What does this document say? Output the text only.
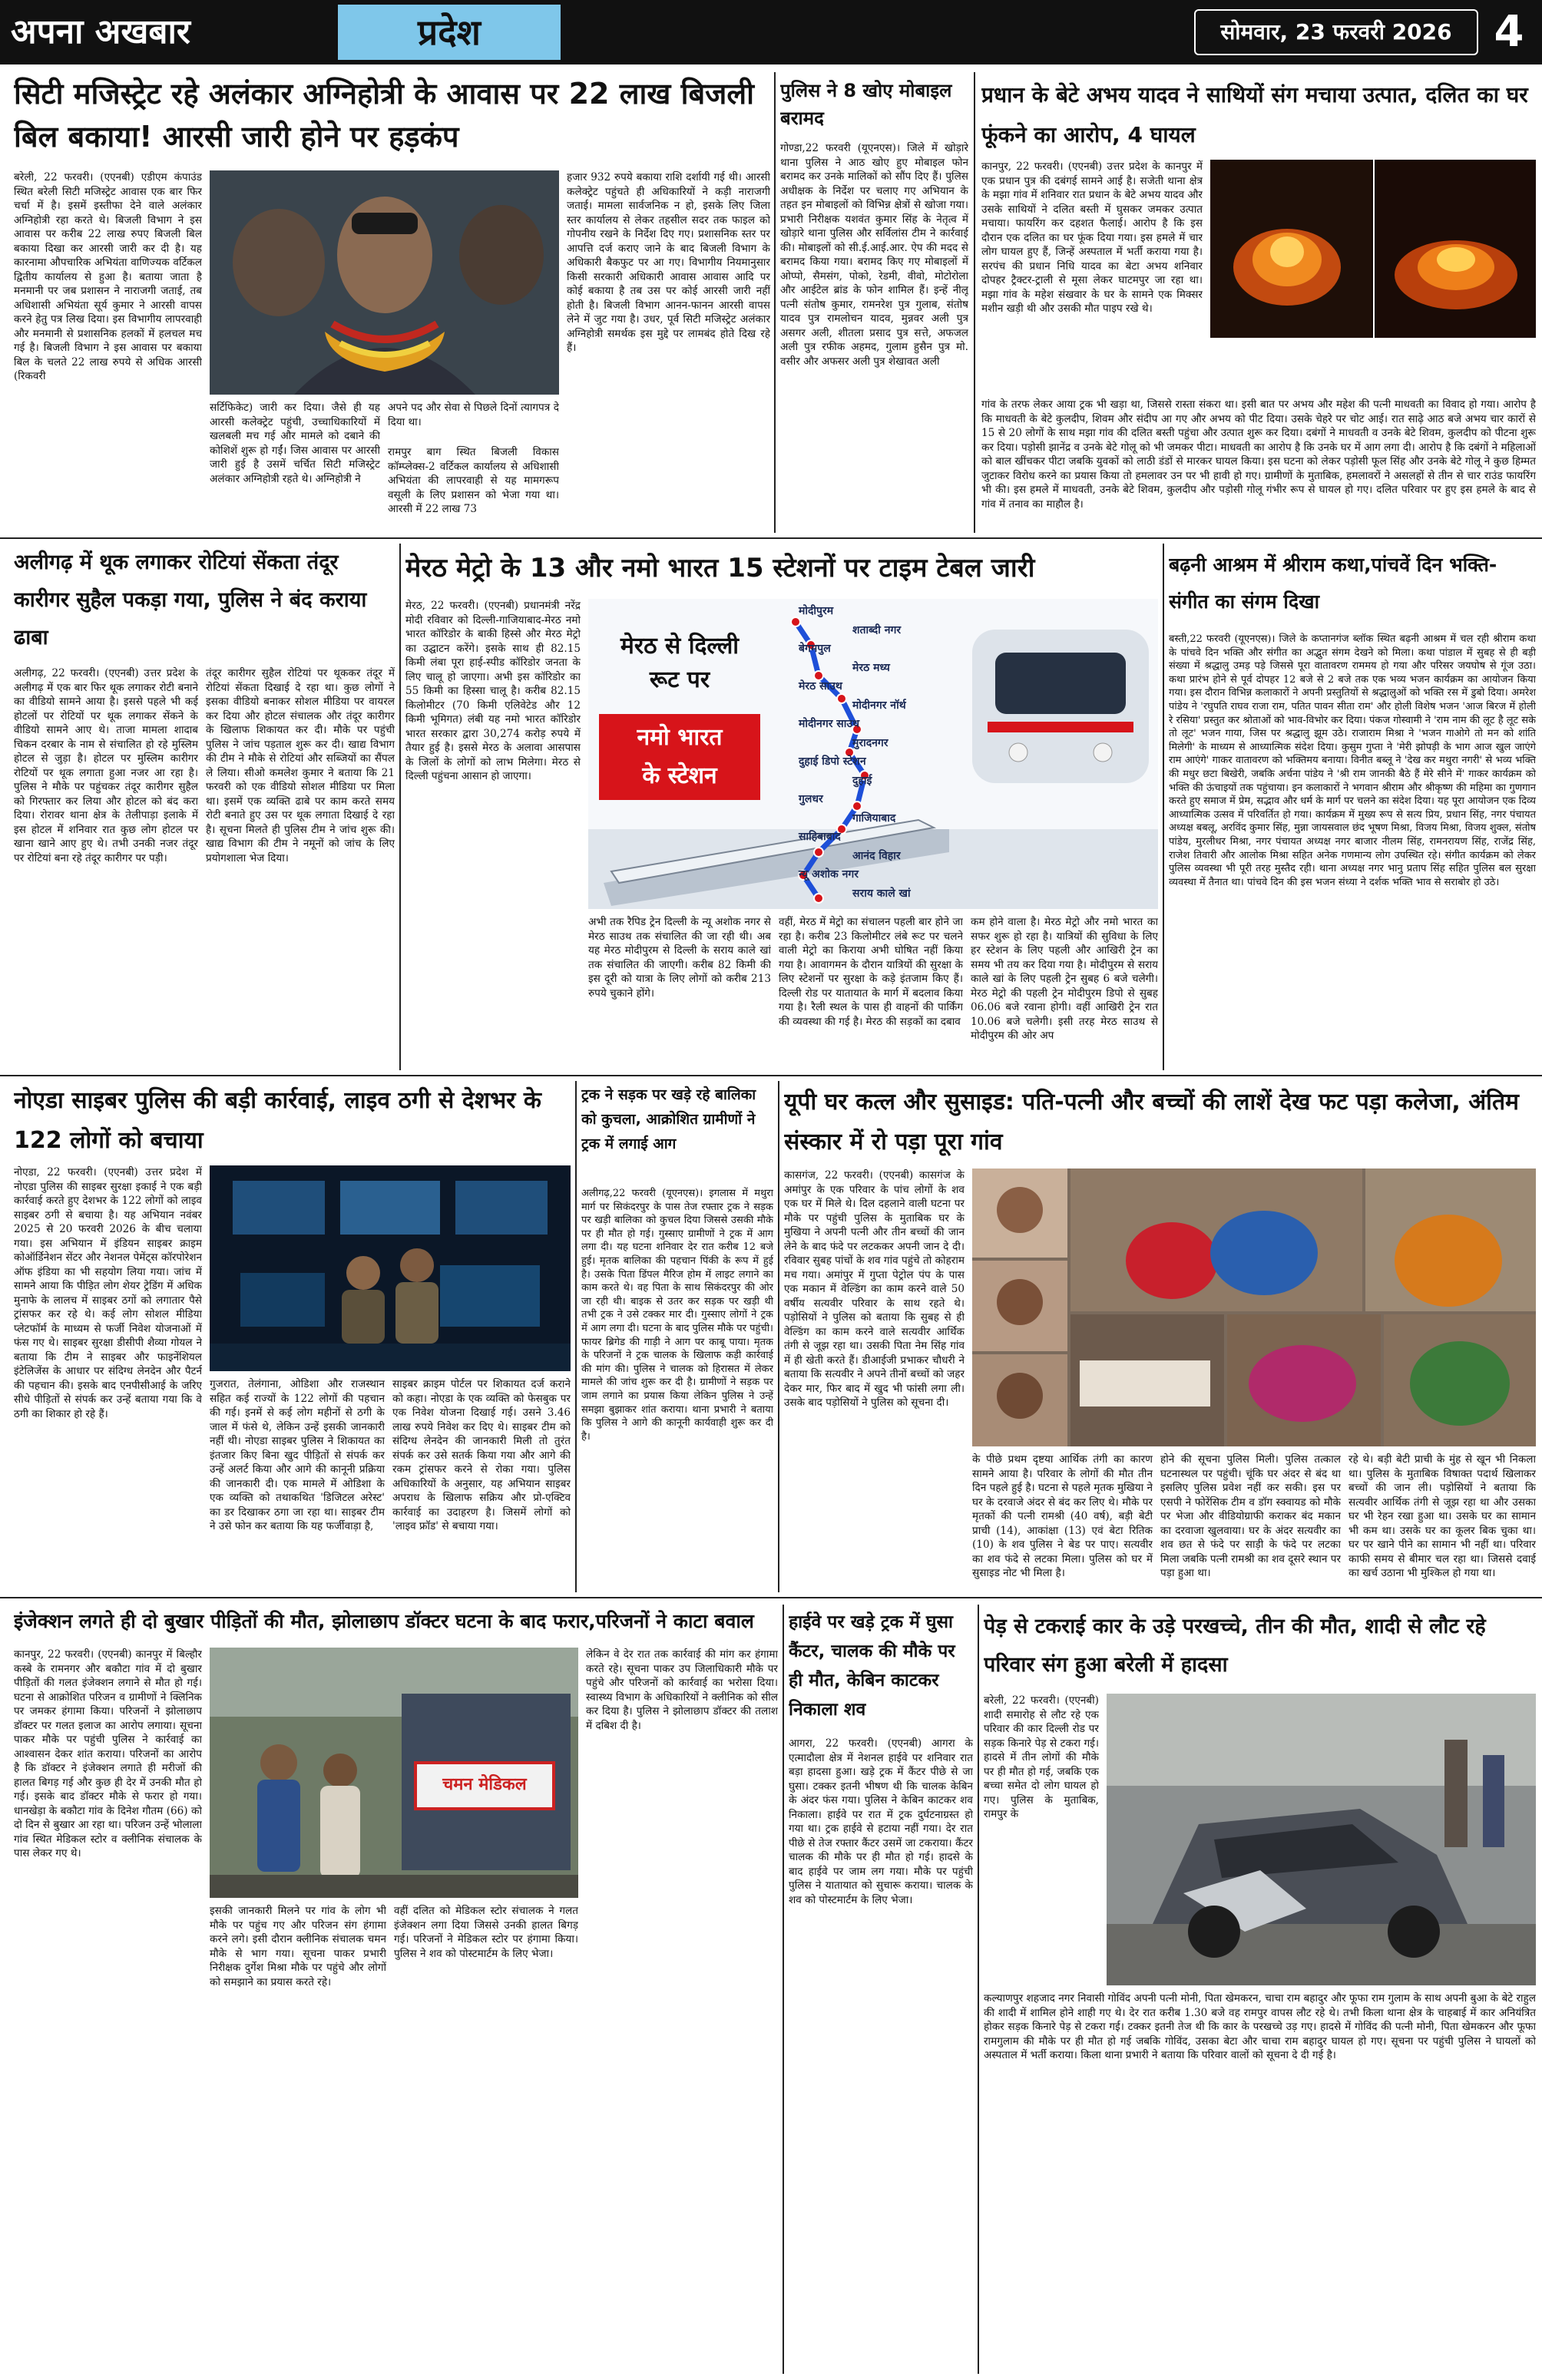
अपना अखबार	प्रदेश	सोमवार, 23 फरवरी 2026 4
सिटी मजिस्ट्रेट रहे अलंकार अग्निहोत्री के आवास पर 22 लाख बिजली बिल बकाया! आरसी जारी होने पर हड़कंप
बरेली, 22 फरवरी। (एएनबी) एडीएम कंपाउंड स्थित बरेली सिटी मजिस्ट्रेट आवास एक बार फिर चर्चा में है। इसमें इस्तीफा देने वाले अलंकार अग्निहोत्री रहा करते थे। बिजली विभाग ने इस आवास पर करीब 22 लाख रुपए बिजली बिल बकाया दिखा कर आरसी जारी कर दी है। यह कारनामा औपचारिक अभियंता वाणिज्यक वर्टिकल द्वितीय कार्यालय से हुआ है। बताया जाता है मनमानी पर जब प्रशासन ने नाराजगी जताई, तब अधिशासी अभियंता सूर्य कुमार ने आरसी वापस करने हेतु पत्र लिख दिया। इस विभागीय लापरवाही और मनमानी से प्रशासनिक हलकों में हलचल मच गई है। बिजली विभाग ने इस आवास पर बकाया बिल के चलते 22 लाख रुपये से अधिक आरसी (रिकवरी
सर्टिफिकेट) जारी कर दिया। जैसे ही यह आरसी कलेक्ट्रेट पहुंची, उच्चाधिकारियों में खलबली मच गई और मामले को दबाने की कोशिशें शुरू हो गईं। जिस आवास पर आरसी जारी हुई है उसमें चर्चित सिटी मजिस्ट्रेट अलंकार अग्निहोत्री रहते थे। अग्निहोत्री ने
अपने पद और सेवा से पिछले दिनों त्यागपत्र दे दिया था।
रामपुर बाग स्थित बिजली विकास कॉम्प्लेक्स-2 वर्टिकल कार्यालय से अधिशासी अभियंता की लापरवाही से यह मामगरूप वसूली के लिए प्रशासन को भेजा गया था। आरसी में 22 लाख 73
हजार 932 रुपये बकाया राशि दर्शायी गई थी। आरसी कलेक्ट्रेट पहुंचते ही अधिकारियों ने कड़ी नाराजगी जताई। मामला सार्वजनिक न हो, इसके लिए जिला स्तर कार्यालय से लेकर तहसील सदर तक फाइल को गोपनीय रखने के निर्देश दिए गए। प्रशासनिक स्तर पर आपत्ति दर्ज कराए जाने के बाद बिजली विभाग के अधिकारी बैकफुट पर आ गए। विभागीय नियमानुसार किसी सरकारी अधिकारी आवास आवास आदि पर कोई बकाया है तब उस पर कोई आरसी जारी नहीं होती है। बिजली विभाग आनन-फानन आरसी वापस लेने में जुट गया है। उधर, पूर्व सिटी मजिस्ट्रेट अलंकार अग्निहोत्री समर्थक इस मुद्दे पर लामबंद होते दिख रहे हैं।
पुलिस ने 8 खोए मोबाइल बरामद
गोण्डा,22 फरवरी (यूएनएस)। जिले में खोड़ारे थाना पुलिस ने आठ खोए हुए मोबाइल फोन बरामद कर उनके मालिकों को सौंप दिए हैं। पुलिस अधीक्षक के निर्देश पर चलाए गए अभियान के तहत इन मोबाइलों को विभिन्न क्षेत्रों से खोजा गया। प्रभारी निरीक्षक यशवंत कुमार सिंह के नेतृत्व में खोड़ारे थाना पुलिस और सर्विलांस टीम ने कार्रवाई की। मोबाइलों को सी.ई.आई.आर. ऐप की मदद से बरामद किया गया। बरामद किए गए मोबाइलों में ओप्पो, सैमसंग, पोको, रेडमी, वीवो, मोटोरोला और आईटेल ब्रांड के फोन शामिल हैं। इन्हें नीलू पत्नी संतोष कुमार, रामनरेश पुत्र गुलाब, संतोष यादव पुत्र रामलोचन यादव, मुन्नवर अली पुत्र असगर अली, शीतला प्रसाद पुत्र सत्ते, अफजल अली पुत्र रफीक अहमद, गुलाम हुसैन पुत्र मो. वसीर और अफसर अली पुत्र शेखावत अली
प्रधान के बेटे अभय यादव ने साथियों संग मचाया उत्पात, दलित का घर फूंकने का आरोप, 4 घायल
कानपुर, 22 फरवरी। (एएनबी) उत्तर प्रदेश के कानपुर में एक प्रधान पुत्र की दबंगई सामने आई है। सजेती थाना क्षेत्र के मझा गांव में शनिवार रात प्रधान के बेटे अभय यादव और उसके साथियों ने दलित बस्ती में घुसकर जमकर उत्पात मचाया। फायरिंग कर दहशत फैलाई। आरोप है कि इस दौरान एक दलित का घर फूंक दिया गया। इस हमले में चार लोग घायल हुए हैं, जिन्हें अस्पताल में भर्ती कराया गया है। सरपंच की प्रधान निधि यादव का बेटा अभय शनिवार दोपहर ट्रैक्टर-ट्राली से मूसा लेकर घाटमपुर जा रहा था। मझा गांव के महेश संखवार के घर के सामने एक मिक्सर मशीन खड़ी थी और उसकी मौत पाइप रखे थे।
गांव के तरफ लेकर आया ट्रक भी खड़ा था, जिससे रास्ता संकरा था। इसी बात पर अभय और महेश की पत्नी माधवती का विवाद हो गया। आरोप है कि माधवती के बेटे कुलदीप, शिवम और संदीप आ गए और अभय को पीट दिया। उसके चेहरे पर चोट आई। रात साढ़े आठ बजे अभय चार कारों से 15 से 20 लोगों के साथ मझा गांव की दलित बस्ती पहुंचा और उत्पात शुरू कर दिया। दबंगों ने माधवती व उनके बेटे शिवम, कुलदीप को पीटना शुरू कर दिया। पड़ोसी झानेंद्र व उनके बेटे गोलू को भी जमकर पीटा। माधवती का आरोप है कि उनके घर में आग लगा दी। आरोप है कि दबंगों ने महिलाओं को बाल खींचकर पीटा जबकि युवकों को लाठी डंडों से मारकर घायल किया। इस घटना को लेकर पड़ोसी फूल सिंह और उनके बेटे गोलू ने कुछ हिम्मत जुटाकर विरोध करने का प्रयास किया तो हमलावर उन पर भी हावी हो गए। ग्रामीणों के मुताबिक, हमलावरों ने असलहों से तीन से चार राउंड फायरिंग भी की। इस हमले में माधवती, उनके बेटे शिवम, कुलदीप और पड़ोसी गोलू गंभीर रूप से घायल हो गए। दलित परिवार पर हुए इस हमले के बाद से गांव में तनाव का माहौल है।
अलीगढ़ में थूक लगाकर रोटियां सेंकता तंदूर कारीगर सुहैल पकड़ा गया, पुलिस ने बंद कराया ढाबा
अलीगढ़, 22 फरवरी। (एएनबी) उत्तर प्रदेश के अलीगढ़ में एक बार फिर थूक लगाकर रोटी बनाने का वीडियो सामने आया है। इससे पहले भी कई होटलों पर रोटियों पर थूक लगाकर सेंकने के वीडियो सामने आए थे। ताजा मामला शादाब चिकन दरबार के नाम से संचालित हो रहे मुस्लिम होटल से जुड़ा है। होटल पर मुस्लिम कारीगर रोटियों पर थूक लगाता हुआ नजर आ रहा है। पुलिस ने मौके पर पहुंचकर तंदूर कारीगर सुहैल को गिरफ्तार कर लिया और होटल को बंद करा दिया। रोरावर थाना क्षेत्र के तेलीपाड़ा इलाके में इस होटल में शनिवार रात कुछ लोग होटल पर खाना खाने आए हुए थे। तभी उनकी नजर तंदूर पर रोटियां बना रहे तंदूर कारीगर पर पड़ी।
तंदूर कारीगर सुहैल रोटियां पर थूककर तंदूर में रोटियां सेंकता दिखाई दे रहा था। कुछ लोगों ने इसका वीडियो बनाकर सोशल मीडिया पर वायरल कर दिया और होटल संचालक और तंदूर कारीगर के खिलाफ शिकायत कर दी। मौके पर पहुंची पुलिस ने जांच पड़ताल शुरू कर दी। खाद्य विभाग की टीम ने मौके से रोटियां और सब्जियों का सैंपल ले लिया। सीओ कमलेश कुमार ने बताया कि 21 फरवरी को एक वीडियो सोशल मीडिया पर मिला था। इसमें एक व्यक्ति ढाबे पर काम करते समय रोटी बनाते हुए उस पर थूक लगाता दिखाई दे रहा है। सूचना मिलते ही पुलिस टीम ने जांच शुरू की। खाद्य विभाग की टीम ने नमूनों को जांच के लिए प्रयोगशाला भेज दिया।
मेरठ मेट्रो के 13 और नमो भारत 15 स्टेशनों पर टाइम टेबल जारी
मेरठ, 22 फरवरी। (एएनबी) प्रधानमंत्री नरेंद्र मोदी रविवार को दिल्ली-गाजियाबाद-मेरठ नमो भारत कॉरिडोर के बाकी हिस्से और मेरठ मेट्रो का उद्घाटन करेंगे। इसके साथ ही 82.15 किमी लंबा पूरा हाई-स्पीड कॉरिडोर जनता के लिए चालू हो जाएगा। अभी इस कॉरिडोर का 55 किमी का हिस्सा चालू है। करीब 82.15 किलोमीटर (70 किमी एलिवेटेड और 12 किमी भूमिगत) लंबी यह नमो भारत कॉरिडोर भारत सरकार द्वारा 30,274 करोड़ रुपये में तैयार हुई है। इससे मेरठ के अलावा आसपास के जिलों के लोगों को लाभ मिलेगा। मेरठ से दिल्ली पहुंचना आसान हो जाएगा।
मेरठ से दिल्ली
रूट पर
नमो भारत
के स्टेशन
मोदीपुरम
शताब्दी नगर
बेगमपुल
मेरठ मध्य
मेरठ साउथ
मोदीनगर नॉर्थ
मोदीनगर साउथ
मुरादनगर
दुहाई डिपो स्टेशन
दुहाई
गुलधर
गाजियाबाद
साहिबाबाद
आनंद विहार
न्यू अशोक नगर
सराय काले खां
अभी तक रैपिड ट्रेन दिल्ली के न्यू अशोक नगर से मेरठ साउथ तक संचालित की जा रही थी। अब यह मेरठ मोदीपुरम से दिल्ली के सराय काले खां तक संचालित की जाएगी। करीब 82 किमी की इस दूरी को यात्रा के लिए लोगों को करीब 213 रुपये चुकाने होंगे।
वहीं, मेरठ में मेट्रो का संचालन पहली बार होने जा रहा है। करीब 23 किलोमीटर लंबे रूट पर चलने वाली मेट्रो का किराया अभी घोषित नहीं किया गया है। आवागमन के दौरान यात्रियों की सुरक्षा के लिए स्टेशनों पर सुरक्षा के कड़े इंतजाम किए हैं। दिल्ली रोड पर यातायात के मार्ग में बदलाव किया गया है। रैली स्थल के पास ही वाहनों की पार्किंग की व्यवस्था की गई है। मेरठ की सड़कों का दबाव
कम होने वाला है। मेरठ मेट्रो और नमो भारत का सफर शुरू हो रहा है। यात्रियों की सुविधा के लिए हर स्टेशन के लिए पहली और आखिरी ट्रेन का समय भी तय कर दिया गया है। मोदीपुरम से सराय काले खां के लिए पहली ट्रेन सुबह 6 बजे चलेगी। मेरठ मेट्रो की पहली ट्रेन मोदीपुरम डिपो से सुबह 06.06 बजे रवाना होगी। वहीं आखिरी ट्रेन रात 10.06 बजे चलेगी। इसी तरह मेरठ साउथ से मोदीपुरम की ओर अप
बढ़नी आश्रम में श्रीराम कथा,पांचवें दिन भक्ति-संगीत का संगम दिखा
बस्ती,22 फरवरी (यूएनएस)। जिले के कप्तानगंज ब्लॉक स्थित बढ़नी आश्रम में चल रही श्रीराम कथा के पांचवे दिन भक्ति और संगीत का अद्भुत संगम देखने को मिला। कथा पांडाल में सुबह से ही बड़ी संख्या में श्रद्धालु उमड़ पड़े जिससे पूरा वातावरण राममय हो गया और परिसर जयघोष से गूंज उठा। कथा प्रारंभ होने से पूर्व दोपहर 12 बजे से 2 बजे तक एक भव्य भजन कार्यक्रम का आयोजन किया गया। इस दौरान विभिन्न कलाकारों ने अपनी प्रस्तुतियों से श्रद्धालुओं को भक्ति रस में डुबो दिया। अमरेश पांडेय ने 'रघुपति राघव राजा राम, पतित पावन सीता राम' और होली विशेष भजन 'आज बिरज में होली रे रसिया' प्रस्तुत कर श्रोताओं को भाव-विभोर कर दिया। पंकज गोस्वामी ने 'राम नाम की लूट है लूट सके तो लूट' भजन गाया, जिस पर श्रद्धालु झूम उठे। राजाराम मिश्रा ने 'भजन गाओगे तो मन को शांति मिलेगी' के माध्यम से आध्यात्मिक संदेश दिया। कुसुम गुप्ता ने 'मेरी झोपड़ी के भाग आज खुल जाएंगे राम आएंगे' गाकर वातावरण को भक्तिमय बनाया। विनीत बब्लू ने 'देख कर मथुरा नगरी' से भव्य भक्ति की मधुर छटा बिखेरी, जबकि अर्चना पांडेय ने 'श्री राम जानकी बैठे हैं मेरे सीने में' गाकर कार्यक्रम को भक्ति की ऊंचाइयों तक पहुंचाया। इन कलाकारों ने भगवान श्रीराम और श्रीकृष्ण की महिमा का गुणगान करते हुए समाज में प्रेम, सद्भाव और धर्म के मार्ग पर चलने का संदेश दिया। यह पूरा आयोजन एक दिव्य आध्यात्मिक उत्सव में परिवर्तित हो गया। कार्यक्रम में मुख्य रूप से सत्य प्रिय, प्रधान सिंह, नगर पंचायत अध्यक्ष बबलू, अरविंद कुमार सिंह, मुन्ना जायसवाल छंद भूषण मिश्रा, विजय मिश्रा, विजय शुक्ल, संतोष पांडेय, मुरलीधर मिश्रा, नगर पंचायत अध्यक्ष नगर बाजार नीलम सिंह, रामनरायण सिंह, राजेंद्र सिंह, राजेश तिवारी और आलोक मिश्रा सहित अनेक गणमान्य लोग उपस्थित रहे। संगीत कार्यक्रम को लेकर पुलिस व्यवस्था भी पूरी तरह मुस्तैद रही। थाना अध्यक्ष नगर भानु प्रताप सिंह सहित पुलिस बल सुरक्षा व्यवस्था में तैनात था। पांचवे दिन की इस भजन संध्या ने दर्शक भक्ति भाव से सराबोर हो उठे।
नोएडा साइबर पुलिस की बड़ी कार्रवाई, लाइव ठगी से देशभर के 122 लोगों को बचाया
नोएडा, 22 फरवरी। (एएनबी) उत्तर प्रदेश में नोएडा पुलिस की साइबर सुरक्षा इकाई ने एक बड़ी कार्रवाई करते हुए देशभर के 122 लोगों को लाइव साइबर ठगी से बचाया है। यह अभियान नवंबर 2025 से 20 फरवरी 2026 के बीच चलाया गया। इस अभियान में इंडियन साइबर क्राइम कोऑर्डिनेशन सेंटर और नेशनल पेमेंट्स कॉरपोरेशन ऑफ इंडिया का भी सहयोग लिया गया। जांच में सामने आया कि पीड़ित लोग शेयर ट्रेडिंग में अधिक मुनाफे के लालच में साइबर ठगों को लगातार पैसे ट्रांसफर कर रहे थे। कई लोग सोशल मीडिया प्लेटफॉर्म के माध्यम से फर्जी निवेश योजनाओं में फंस गए थे। साइबर सुरक्षा डीसीपी शैव्या गोयल ने बताया कि टीम ने साइबर और फाइनेंशियल इंटेलिजेंस के आधार पर संदिग्ध लेनदेन और पैटर्न की पहचान की। इसके बाद एनपीसीआई के जरिए सीधे पीड़ितों से संपर्क कर उन्हें बताया गया कि वे ठगी का शिकार हो रहे हैं।
गुजरात, तेलंगाना, ओडिशा और राजस्थान सहित कई राज्यों के 122 लोगों की पहचान की गई। इनमें से कई लोग महीनों से ठगी के जाल में फंसे थे, लेकिन उन्हें इसकी जानकारी नहीं थी। नोएडा साइबर पुलिस ने शिकायत का इंतजार किए बिना खुद पीड़ितों से संपर्क कर उन्हें अलर्ट किया और आगे की कानूनी प्रक्रिया की जानकारी दी। एक मामले में ओडिशा के एक व्यक्ति को तथाकथित 'डिजिटल अरेस्ट' का डर दिखाकर ठगा जा रहा था। साइबर टीम ने उसे फोन कर बताया कि यह फर्जीवाड़ा है,
साइबर क्राइम पोर्टल पर शिकायत दर्ज कराने को कहा। नोएडा के एक व्यक्ति को फेसबुक पर एक निवेश योजना दिखाई गई। उसने 3.46 लाख रुपये निवेश कर दिए थे। साइबर टीम को संदिग्ध लेनदेन की जानकारी मिली तो तुरंत संपर्क कर उसे सतर्क किया गया और आगे की रकम ट्रांसफर करने से रोका गया। पुलिस अधिकारियों के अनुसार, यह अभियान साइबर अपराध के खिलाफ सक्रिय और प्रो-एक्टिव कार्रवाई का उदाहरण है। जिसमें लोगों को 'लाइव फ्रॉड' से बचाया गया।
ट्रक ने सड़क पर खड़े रहे बालिका को कुचला, आक्रोशित ग्रामीणों ने ट्रक में लगाई आग
अलीगढ़,22 फरवरी (यूएनएस)। इगलास में मथुरा मार्ग पर सिकंदरपुर के पास तेज रफ्तार ट्रक ने सड़क पर खड़ी बालिका को कुचल दिया जिससे उसकी मौके पर ही मौत हो गई। गुस्साए ग्रामीणों ने ट्रक में आग लगा दी। यह घटना शनिवार देर रात करीब 12 बजे हुई। मृतक बालिका की पहचान पिंकी के रूप में हुई है। उसके पिता डिंपल मैरिज होम में लाइट लगाने का काम करते थे। वह पिता के साथ सिकंदरपुर की ओर जा रही थी। बाइक से उतर कर सड़क पर खड़ी थी तभी ट्रक ने उसे टक्कर मार दी। गुस्साए लोगों ने ट्रक में आग लगा दी। घटना के बाद पुलिस मौके पर पहुंची। फायर ब्रिगेड की गाड़ी ने आग पर काबू पाया। मृतक के परिजनों ने ट्रक चालक के खिलाफ कड़ी कार्रवाई की मांग की। पुलिस ने चालक को हिरासत में लेकर मामले की जांच शुरू कर दी है। ग्रामीणों ने सड़क पर जाम लगाने का प्रयास किया लेकिन पुलिस ने उन्हें समझा बुझाकर शांत कराया। थाना प्रभारी ने बताया कि पुलिस ने आगे की कानूनी कार्यवाही शुरू कर दी है।
यूपी घर कत्ल और सुसाइड: पति-पत्नी और बच्चों की लाशें देख फट पड़ा कलेजा, अंतिम संस्कार में रो पड़ा पूरा गांव
कासगंज, 22 फरवरी। (एएनबी) कासगंज के अमांपुर के एक परिवार के पांच लोगों के शव एक घर में मिले थे। दिल दहलाने वाली घटना पर मौके पर पहुंची पुलिस के मुताबिक घर के मुखिया ने अपनी पत्नी और तीन बच्चों की जान लेने के बाद फंदे पर लटककर अपनी जान दे दी। रविवार सुबह पांचों के शव गांव पहुंचे तो कोहराम मच गया। अमांपुर में गुप्ता पेट्रोल पंप के पास एक मकान में वेल्डिंग का काम करने वाले 50 वर्षीय सत्यवीर परिवार के साथ रहते थे। पड़ोसियों ने पुलिस को बताया कि सुबह से ही वेल्डिंग का काम करने वाले सत्यवीर आर्थिक तंगी से जूझ रहा था। उसकी पिता नेम सिंह गांव में ही खेती करते हैं। डीआईजी प्रभाकर चौधरी ने बताया कि सत्यवीर ने अपने तीनों बच्चों को जहर देकर मार, फिर बाद में खुद भी फांसी लगा ली। उसके बाद पड़ोसियों ने पुलिस को सूचना दी।
के पीछे प्रथम दृष्टया आर्थिक तंगी का कारण सामने आया है। परिवार के लोगों की मौत तीन दिन पहले हुई है। घटना से पहले मृतक मुखिया ने घर के दरवाजे अंदर से बंद कर लिए थे। मौके पर मृतकों की पत्नी रामश्री (40 वर्ष), बड़ी बेटी प्राची (14), आकांक्षा (13) एवं बेटा रितिक (10) के शव पुलिस ने बेड पर पाए। सत्यवीर का शव फंदे से लटका मिला। पुलिस को घर में सुसाइड नोट भी मिला है।
होने की सूचना पुलिस मिली। पुलिस तत्काल घटनास्थल पर पहुंची। चूंकि घर अंदर से बंद था इसलिए पुलिस प्रवेश नहीं कर सकी। इस पर एसपी ने फोरेंसिक टीम व डॉग स्क्वायड को मौके पर भेजा और वीडियोग्राफी कराकर बंद मकान का दरवाजा खुलवाया। घर के अंदर सत्यवीर का शव छत से फंदे पर साड़ी के फंदे पर लटका मिला जबकि पत्नी रामश्री का शव दूसरे स्थान पर पड़ा हुआ था।
रहे थे। बड़ी बेटी प्राची के मुंह से खून भी निकला था। पुलिस के मुताबिक विषाक्त पदार्थ खिलाकर बच्चों की जान ली। पड़ोसियों ने बताया कि सत्यवीर आर्थिक तंगी से जूझ रहा था और उसका घर भी रेहन रखा हुआ था। उसके घर का सामान भी कम था। उसके घर का कूलर बिक चुका था। घर पर खाने पीने का सामान भी नहीं था। परिवार काफी समय से बीमार चल रहा था। जिससे दवाई का खर्च उठाना भी मुश्किल हो गया था।
इंजेक्शन लगते ही दो बुखार पीड़ितों की मौत, झोलाछाप डॉक्टर घटना के बाद फरार,परिजनों ने काटा बवाल
कानपुर, 22 फरवरी। (एएनबी) कानपुर में बिल्हौर कस्बे के रामनगर और बकौटा गांव में दो बुखार पीड़ितों की गलत इंजेक्शन लगाने से मौत हो गई। घटना से आक्रोशित परिजन व ग्रामीणों ने क्लिनिक पर जमकर हंगामा किया। परिजनों ने झोलाछाप डॉक्टर पर गलत इलाज का आरोप लगाया। सूचना पाकर मौके पर पहुंची पुलिस ने कार्रवाई का आश्वासन देकर शांत कराया। परिजनों का आरोप है कि डॉक्टर ने इंजेक्शन लगाते ही मरीजों की हालत बिगड़ गई और कुछ ही देर में उनकी मौत हो गई। इसके बाद डॉक्टर मौके से फरार हो गया। धानखेड़ा के बकौटा गांव के दिनेश गौतम (66) को दो दिन से बुखार आ रहा था। परिजन उन्हें भोलाला गांव स्थित मेडिकल स्टोर व क्लीनिक संचालक के पास लेकर गए थे।
चमन मेडिकल
इसकी जानकारी मिलने पर गांव के लोग भी मौके पर पहुंच गए और परिजन संग हंगामा करने लगे। इसी दौरान क्लीनिक संचालक चमन मौके से भाग गया। सूचना पाकर प्रभारी निरीक्षक दुर्गेश मिश्रा मौके पर पहुंचे और लोगों को समझाने का प्रयास करते रहे।
वहीं दलित को मेडिकल स्टोर संचालक ने गलत इंजेक्शन लगा दिया जिससे उनकी हालत बिगड़ गई। परिजनों ने मेडिकल स्टोर पर हंगामा किया। पुलिस ने शव को पोस्टमार्टम के लिए भेजा।
लेकिन वे देर रात तक कार्रवाई की मांग कर हंगामा करते रहे। सूचना पाकर उप जिलाधिकारी मौके पर पहुंचे और परिजनों को कार्रवाई का भरोसा दिया। स्वास्थ्य विभाग के अधिकारियों ने क्लीनिक को सील कर दिया है। पुलिस ने झोलाछाप डॉक्टर की तलाश में दबिश दी है।
हाईवे पर खड़े ट्रक में घुसा कैंटर, चालक की मौके पर ही मौत, केबिन काटकर निकाला शव
आगरा, 22 फरवरी। (एएनबी) आगरा के एत्मादौला क्षेत्र में नेशनल हाईवे पर शनिवार रात बड़ा हादसा हुआ। खड़े ट्रक में कैंटर पीछे से जा घुसा। टक्कर इतनी भीषण थी कि चालक केबिन के अंदर फंस गया। पुलिस ने केबिन काटकर शव निकाला। हाईवे पर रात में ट्रक दुर्घटनाग्रस्त हो गया था। ट्रक हाईवे से हटाया नहीं गया। देर रात पीछे से तेज रफ्तार कैंटर उसमें जा टकराया। कैंटर चालक की मौके पर ही मौत हो गई। हादसे के बाद हाईवे पर जाम लग गया। मौके पर पहुंची पुलिस ने यातायात को सुचारू कराया। चालक के शव को पोस्टमार्टम के लिए भेजा।
पेड़ से टकराई कार के उड़े परखच्चे, तीन की मौत, शादी से लौट रहे परिवार संग हुआ बरेली में हादसा
बरेली, 22 फरवरी। (एएनबी) शादी समारोह से लौट रहे एक परिवार की कार दिल्ली रोड पर सड़क किनारे पेड़ से टकरा गई। हादसे में तीन लोगों की मौके पर ही मौत हो गई, जबकि एक बच्चा समेत दो लोग घायल हो गए। पुलिस के मुताबिक, रामपुर के
कल्याणपुर शहजाद नगर निवासी गोविंद अपनी पत्नी मोनी, पिता खेमकरन, चाचा राम बहादुर और फूफा राम गुलाम के साथ अपनी बुआ के बेटे राहुल की शादी में शामिल होने शाही गए थे। देर रात करीब 1.30 बजे वह रामपुर वापस लौट रहे थे। तभी किला थाना क्षेत्र के चाहबाई में कार अनियंत्रित होकर सड़क किनारे पेड़ से टकरा गई। टक्कर इतनी तेज थी कि कार के परखच्चे उड़ गए। हादसे में गोविंद की पत्नी मोनी, पिता खेमकरन और फूफा रामगुलाम की मौके पर ही मौत हो गई जबकि गोविंद, उसका बेटा और चाचा राम बहादुर घायल हो गए। सूचना पर पहुंची पुलिस ने घायलों को अस्पताल में भर्ती कराया। किला थाना प्रभारी ने बताया कि परिवार वालों को सूचना दे दी गई है।
